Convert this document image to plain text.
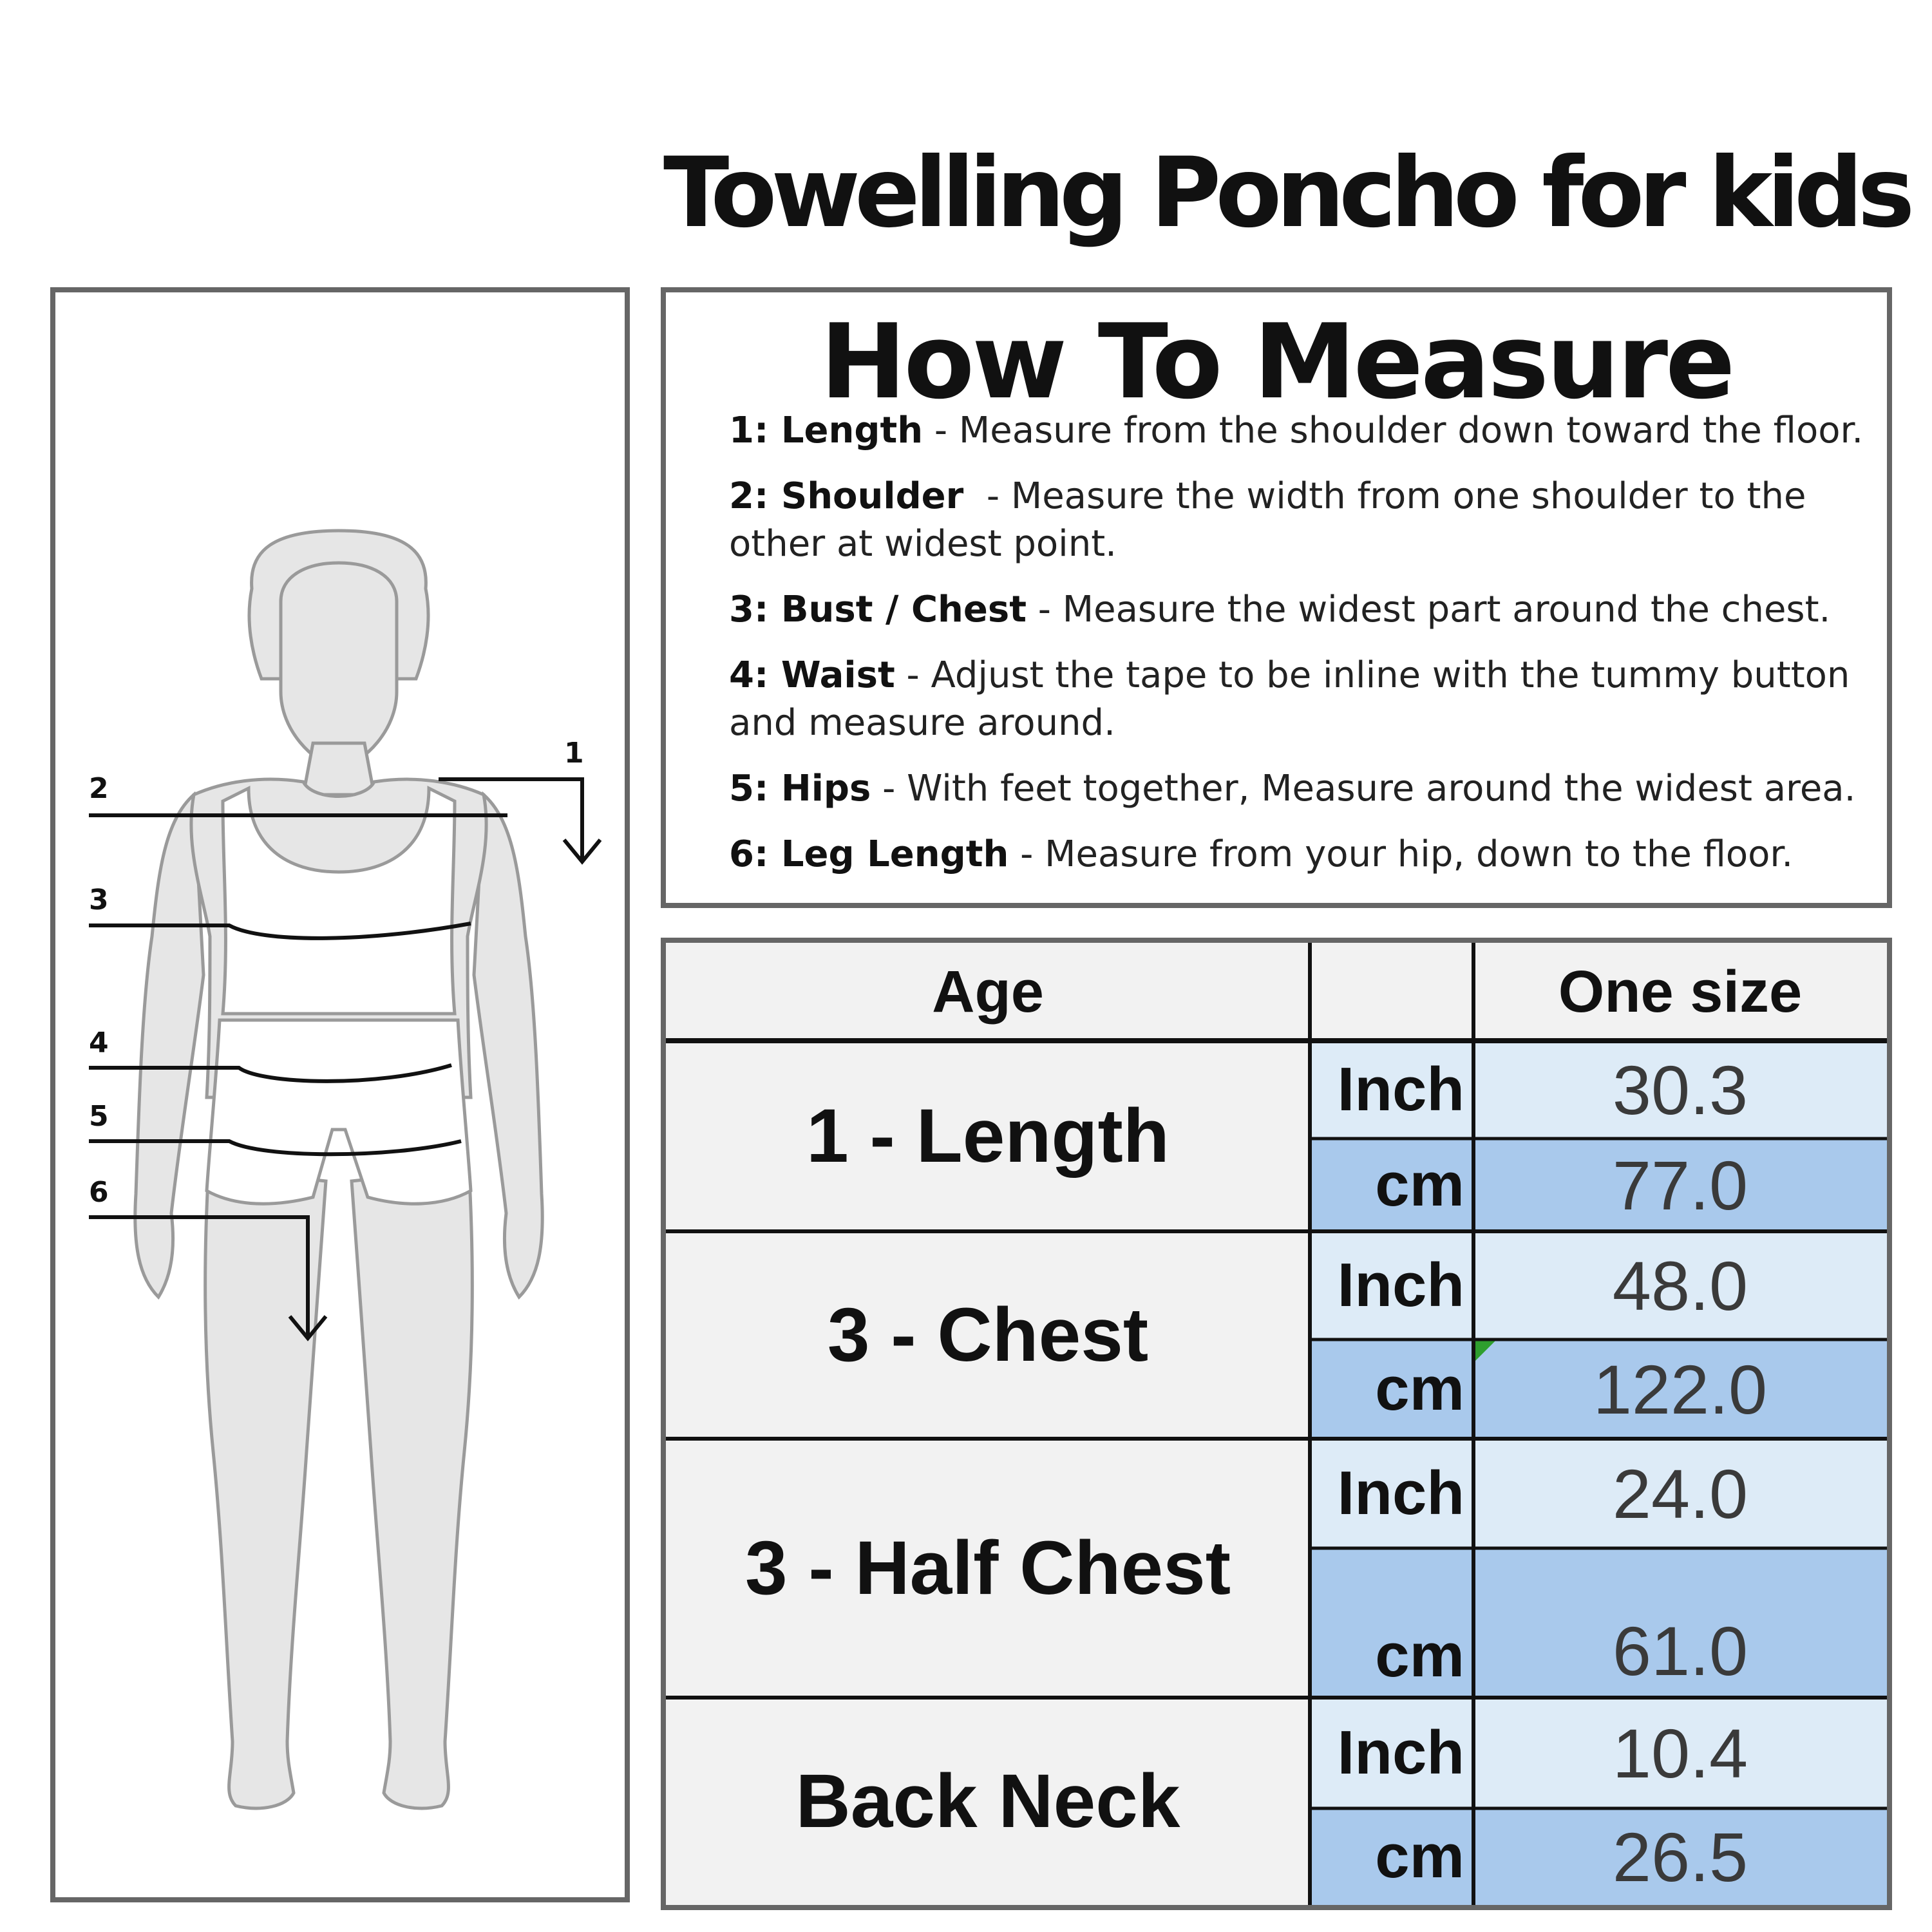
Towelling Poncho for kids
1
2
3
4
5
6
How To Measure
1: Length - Measure from the shoulder down toward the floor.
2: Shoulder  - Measure the width from one shoulder to the other at widest point.
3: Bust / Chest - Measure the widest part around the chest.
4: Waist - Adjust the tape to be inline with the tummy button and measure around.
5: Hips - With feet together, Measure around the widest area.
6: Leg Length - Measure from your hip, down to the floor.
Age	One size
1 - Length
Inch	30.3
cm	77.0
3 - Chest
Inch	48.0
cm	122.0
3 - Half Chest
Inch	24.0
cm	61.0
Back Neck
Inch	10.4
cm	26.5
